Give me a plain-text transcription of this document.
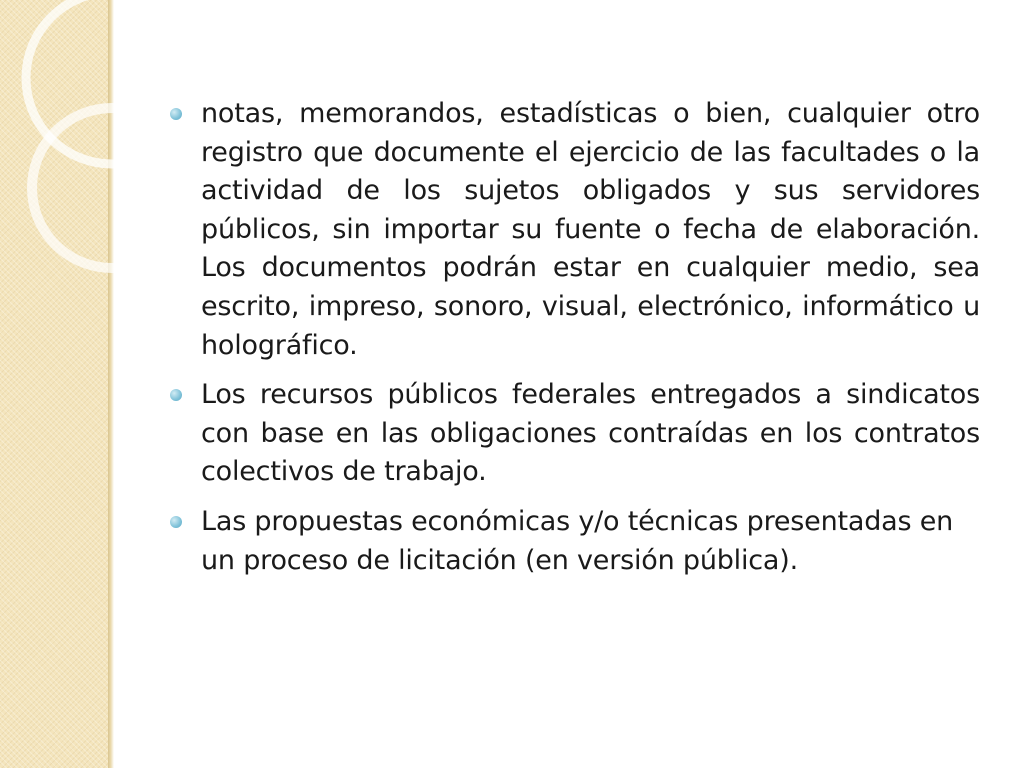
notas, memorandos, estadísticas o bien, cualquier otro registro que documente el ejercicio de las facultades o la actividad de los sujetos obligados y sus servidores públicos, sin importar su fuente o fecha de elaboración. Los documentos podrán estar en cualquier medio, sea escrito, impreso, sonoro, visual, electrónico, informático u holográfico.
Los recursos públicos federales entregados a sindicatos con base en las obligaciones contraídas en los contratos colectivos de trabajo.
Las propuestas económicas y/o técnicas presentadas en un proceso de licitación (en versión pública).
